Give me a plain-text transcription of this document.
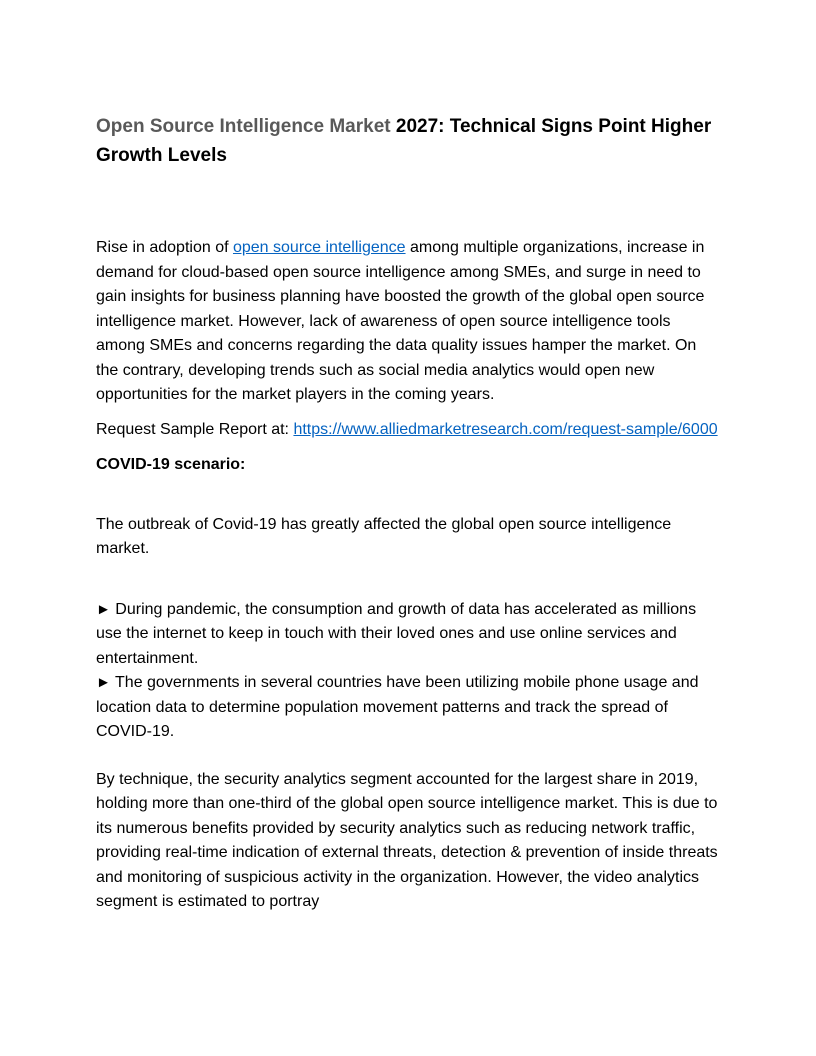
Open Source Intelligence Market 2027: Technical Signs Point Higher Growth Levels

Rise in adoption of open source intelligence among multiple organizations, increase in demand for cloud-based open source intelligence among SMEs, and surge in need to gain insights for business planning have boosted the growth of the global open source intelligence market. However, lack of awareness of open source intelligence tools among SMEs and concerns regarding the data quality issues hamper the market. On the contrary, developing trends such as social media analytics would open new opportunities for the market players in the coming years.

Request Sample Report at: https://www.alliedmarketresearch.com/request-sample/6000

COVID-19 scenario:

The outbreak of Covid-19 has greatly affected the global open source intelligence market.

► During pandemic, the consumption and growth of data has accelerated as millions use the internet to keep in touch with their loved ones and use online services and entertainment.

► The governments in several countries have been utilizing mobile phone usage and location data to determine population movement patterns and track the spread of COVID-19.

By technique, the security analytics segment accounted for the largest share in 2019, holding more than one-third of the global open source intelligence market. This is due to its numerous benefits provided by security analytics such as reducing network traffic, providing real-time indication of external threats, detection & prevention of inside threats and monitoring of suspicious activity in the organization. However, the video analytics segment is estimated to portray
